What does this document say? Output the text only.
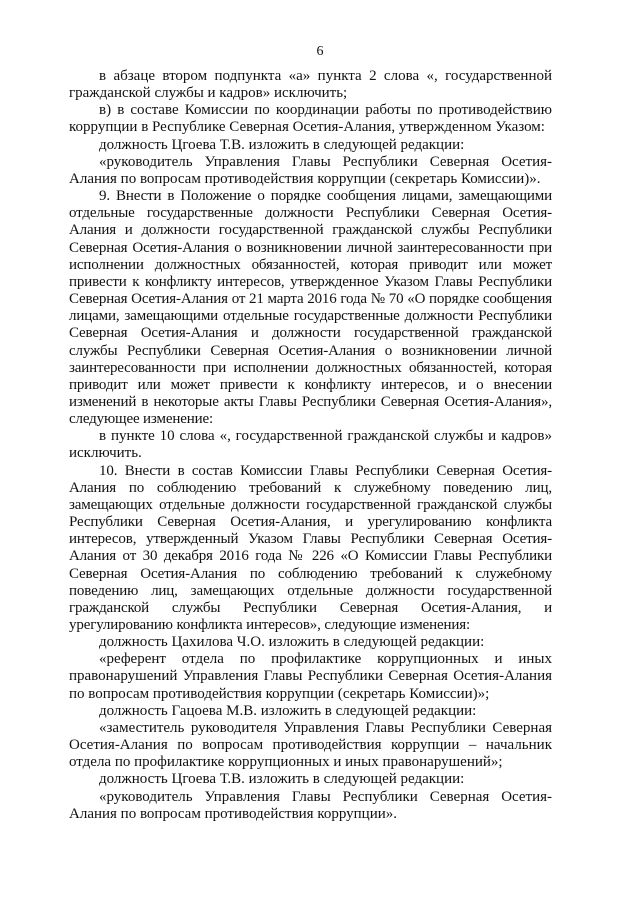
6

в абзаце втором подпункта «а» пункта 2 слова «, государственной гражданской службы и кадров» исключить;

в) в составе Комиссии по координации работы по противодействию коррупции в Республике Северная Осетия-Алания, утвержденном Указом:

должность Цгоева Т.В. изложить в следующей редакции:

«руководитель Управления Главы Республики Северная Осетия-Алания по вопросам противодействия коррупции (секретарь Комиссии)».

9. Внести в Положение о порядке сообщения лицами, замещающими отдельные государственные должности Республики Северная Осетия-Алания и должности государственной гражданской службы Республики Северная Осетия-Алания о возникновении личной заинтересованности при исполнении должностных обязанностей, которая приводит или может привести к конфликту интересов, утвержденное Указом Главы Республики Северная Осетия-Алания от 21 марта 2016 года № 70 «О порядке сообщения лицами, замещающими отдельные государственные должности Республики Северная Осетия-Алания и должности государственной гражданской службы Республики Северная Осетия-Алания о возникновении личной заинтересованности при исполнении должностных обязанностей, которая приводит или может привести к конфликту интересов, и о внесении изменений в некоторые акты Главы Республики Северная Осетия-Алания», следующее изменение:

в пункте 10 слова «, государственной гражданской службы и кадров» исключить.

10. Внести в состав Комиссии Главы Республики Северная Осетия-Алания по соблюдению требований к служебному поведению лиц, замещающих отдельные должности государственной гражданской службы Республики Северная Осетия-Алания, и урегулированию конфликта интересов, утвержденный Указом Главы Республики Северная Осетия-Алания от 30 декабря 2016 года № 226 «О Комиссии Главы Республики Северная Осетия-Алания по соблюдению требований к служебному поведению лиц, замещающих отдельные должности государственной гражданской службы Республики Северная Осетия-Алания, и урегулированию конфликта интересов», следующие изменения:

должность Цахилова Ч.О. изложить в следующей редакции:

«референт отдела по профилактике коррупционных и иных правонарушений Управления Главы Республики Северная Осетия-Алания по вопросам противодействия коррупции (секретарь Комиссии)»;

должность Гацоева М.В. изложить в следующей редакции:

«заместитель руководителя Управления Главы Республики Северная Осетия-Алания по вопросам противодействия коррупции – начальник отдела по профилактике коррупционных и иных правонарушений»;

должность Цгоева Т.В. изложить в следующей редакции:

«руководитель Управления Главы Республики Северная Осетия-Алания по вопросам противодействия коррупции».
